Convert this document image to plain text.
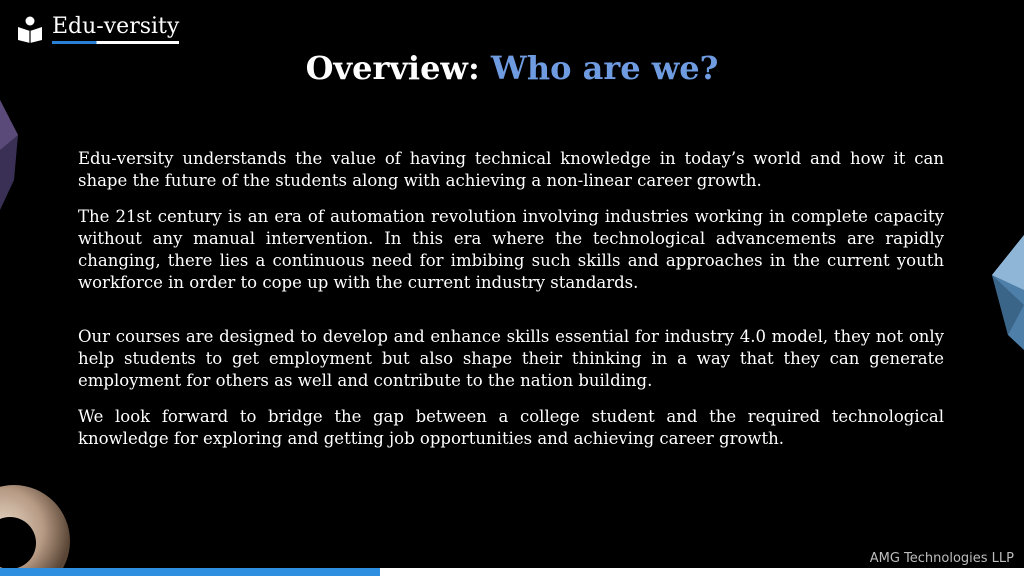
Edu-versity
Overview: Who are we?

Edu-versity understands the value of having technical knowledge in today’s world and how it can shape the future of the students along with achieving a non-linear career growth.

The 21st century is an era of automation revolution involving industries working in complete capacity without any manual intervention. In this era where the technological advancements are rapidly changing, there lies a continuous need for imbibing such skills and approaches in the current youth workforce in order to cope up with the current industry standards.

Our courses are designed to develop and enhance skills essential for industry 4.0 model, they not only help students to get employment but also shape their thinking in a way that they can generate employment for others as well and contribute to the nation building.

We look forward to bridge the gap between a college student and the required technological knowledge for exploring and getting job opportunities and achieving career growth.

AMG Technologies LLP
